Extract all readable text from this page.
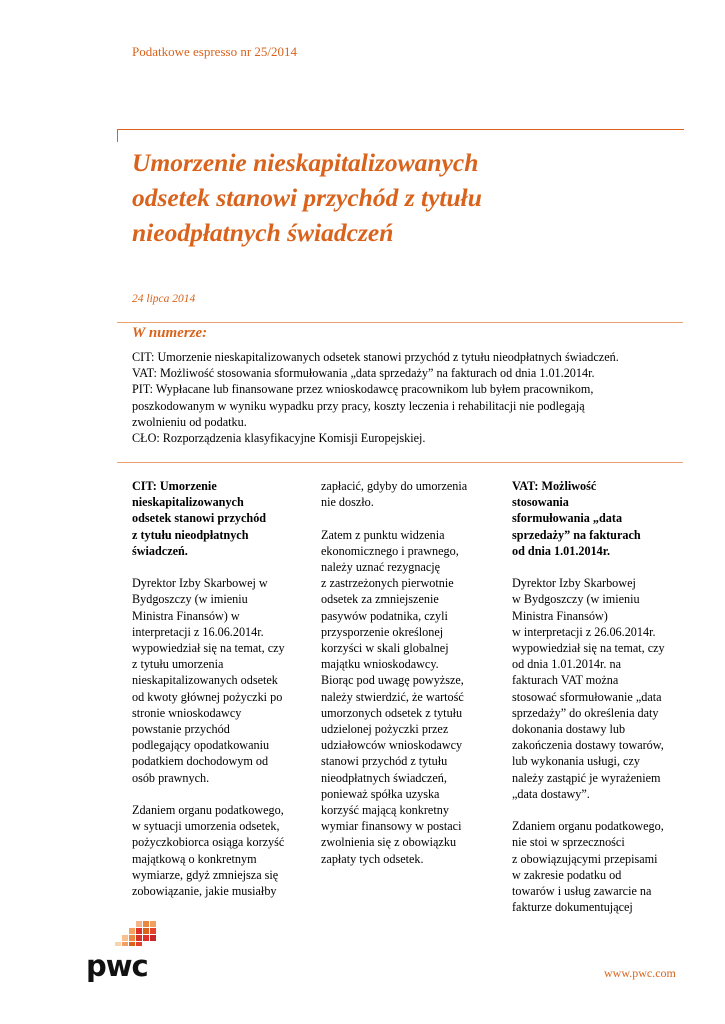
Podatkowe espresso nr 25/2014
Umorzenie nieskapitalizowanych
odsetek stanowi przychód z tytułu
nieodpłatnych świadczeń
24 lipca 2014
W numerze:
CIT: Umorzenie nieskapitalizowanych odsetek stanowi przychód z tytułu nieodpłatnych świadczeń.
VAT: Możliwość stosowania sformułowania „data sprzedaży” na fakturach od dnia 1.01.2014r.
PIT: Wypłacane lub finansowane przez wnioskodawcę pracownikom lub byłem pracownikom,
poszkodowanym w wyniku wypadku przy pracy, koszty leczenia i rehabilitacji nie podlegają
zwolnieniu od podatku.
CŁO: Rozporządzenia klasyfikacyjne Komisji Europejskiej.
CIT: Umorzenie
nieskapitalizowanych
odsetek stanowi przychód
z tytułu nieodpłatnych
świadczeń.
Dyrektor Izby Skarbowej w
Bydgoszczy (w imieniu
Ministra Finansów) w
interpretacji z 16.06.2014r.
wypowiedział się na temat, czy
z tytułu umorzenia
nieskapitalizowanych odsetek
od kwoty głównej pożyczki po
stronie wnioskodawcy
powstanie przychód
podlegający opodatkowaniu
podatkiem dochodowym od
osób prawnych.
Zdaniem organu podatkowego,
w sytuacji umorzenia odsetek,
pożyczkobiorca osiąga korzyść
majątkową o konkretnym
wymiarze, gdyż zmniejsza się
zobowiązanie, jakie musiałby
zapłacić, gdyby do umorzenia
nie doszło.
Zatem z punktu widzenia
ekonomicznego i prawnego,
należy uznać rezygnację
z zastrzeżonych pierwotnie
odsetek za zmniejszenie
pasywów podatnika, czyli
przysporzenie określonej
korzyści w skali globalnej
majątku wnioskodawcy.
Biorąc pod uwagę powyższe,
należy stwierdzić, że wartość
umorzonych odsetek z tytułu
udzielonej pożyczki przez
udziałowców wnioskodawcy
stanowi przychód z tytułu
nieodpłatnych świadczeń,
ponieważ spółka uzyska
korzyść mającą konkretny
wymiar finansowy w postaci
zwolnienia się z obowiązku
zapłaty tych odsetek.
VAT: Możliwość
stosowania
sformułowania „data
sprzedaży” na fakturach
od dnia 1.01.2014r.
Dyrektor Izby Skarbowej
w Bydgoszczy (w imieniu
Ministra Finansów)
w interpretacji z 26.06.2014r.
wypowiedział się na temat, czy
od dnia 1.01.2014r. na
fakturach VAT można
stosować sformułowanie „data
sprzedaży” do określenia daty
dokonania dostawy lub
zakończenia dostawy towarów,
lub wykonania usługi, czy
należy zastąpić je wyrażeniem
„data dostawy”.
Zdaniem organu podatkowego,
nie stoi w sprzeczności
z obowiązującymi przepisami
w zakresie podatku od
towarów i usług zawarcie na
fakturze dokumentującej
pwc	www.pwc.com
